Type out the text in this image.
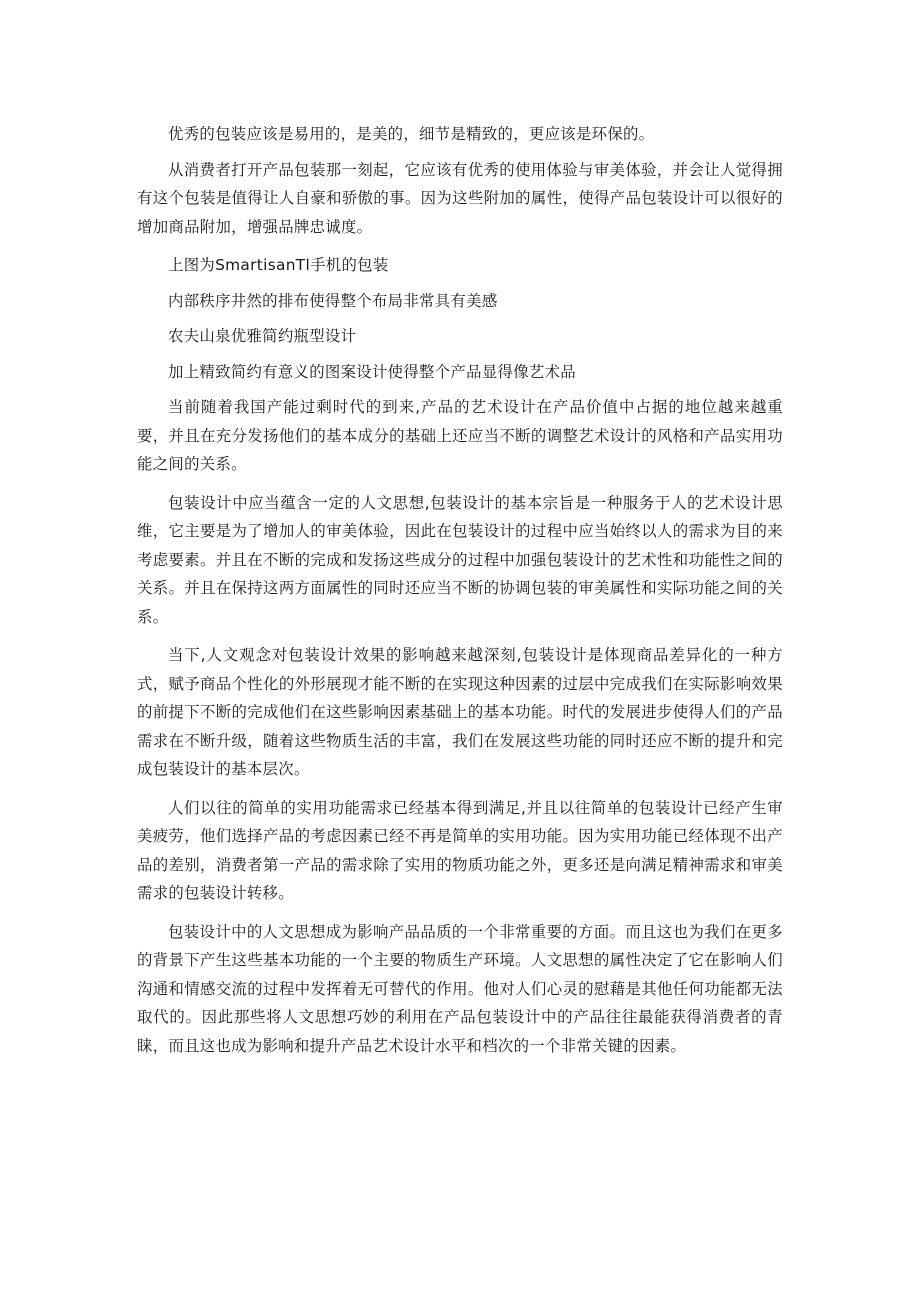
优秀的包装应该是易用的，是美的，细节是精致的，更应该是环保的。

从消费者打开产品包装那一刻起，它应该有优秀的使用体验与审美体验，并会让人觉得拥有这个包装是值得让人自豪和骄傲的事。因为这些附加的属性，使得产品包装设计可以很好的增加商品附加，增强品牌忠诚度。

上图为SmartisanTl手机的包装

内部秩序井然的排布使得整个布局非常具有美感

农夫山泉优雅简约瓶型设计

加上精致简约有意义的图案设计使得整个产品显得像艺术品

当前随着我国产能过剩时代的到来,产品的艺术设计在产品价值中占据的地位越来越重要，并且在充分发扬他们的基本成分的基础上还应当不断的调整艺术设计的风格和产品实用功能之间的关系。

包装设计中应当蕴含一定的人文思想,包装设计的基本宗旨是一种服务于人的艺术设计思维，它主要是为了增加人的审美体验，因此在包装设计的过程中应当始终以人的需求为目的来考虑要素。并且在不断的完成和发扬这些成分的过程中加强包装设计的艺术性和功能性之间的关系。并且在保持这两方面属性的同时还应当不断的协调包装的审美属性和实际功能之间的关系。

当下,人文观念对包装设计效果的影响越来越深刻,包装设计是体现商品差异化的一种方式，赋予商品个性化的外形展现才能不断的在实现这种因素的过层中完成我们在实际影响效果的前提下不断的完成他们在这些影响因素基础上的基本功能。时代的发展进步使得人们的产品需求在不断升级，随着这些物质生活的丰富，我们在发展这些功能的同时还应不断的提升和完成包装设计的基本层次。

人们以往的简单的实用功能需求已经基本得到满足,并且以往简单的包装设计已经产生审美疲劳，他们选择产品的考虑因素已经不再是简单的实用功能。因为实用功能已经体现不出产品的差别，消费者第一产品的需求除了实用的物质功能之外，更多还是向满足精神需求和审美需求的包装设计转移。

包装设计中的人文思想成为影响产品品质的一个非常重要的方面。而且这也为我们在更多的背景下产生这些基本功能的一个主要的物质生产环境。人文思想的属性决定了它在影响人们沟通和情感交流的过程中发挥着无可替代的作用。他对人们心灵的慰藉是其他任何功能都无法取代的。因此那些将人文思想巧妙的利用在产品包装设计中的产品往往最能获得消费者的青睐，而且这也成为影响和提升产品艺术设计水平和档次的一个非常关键的因素。
